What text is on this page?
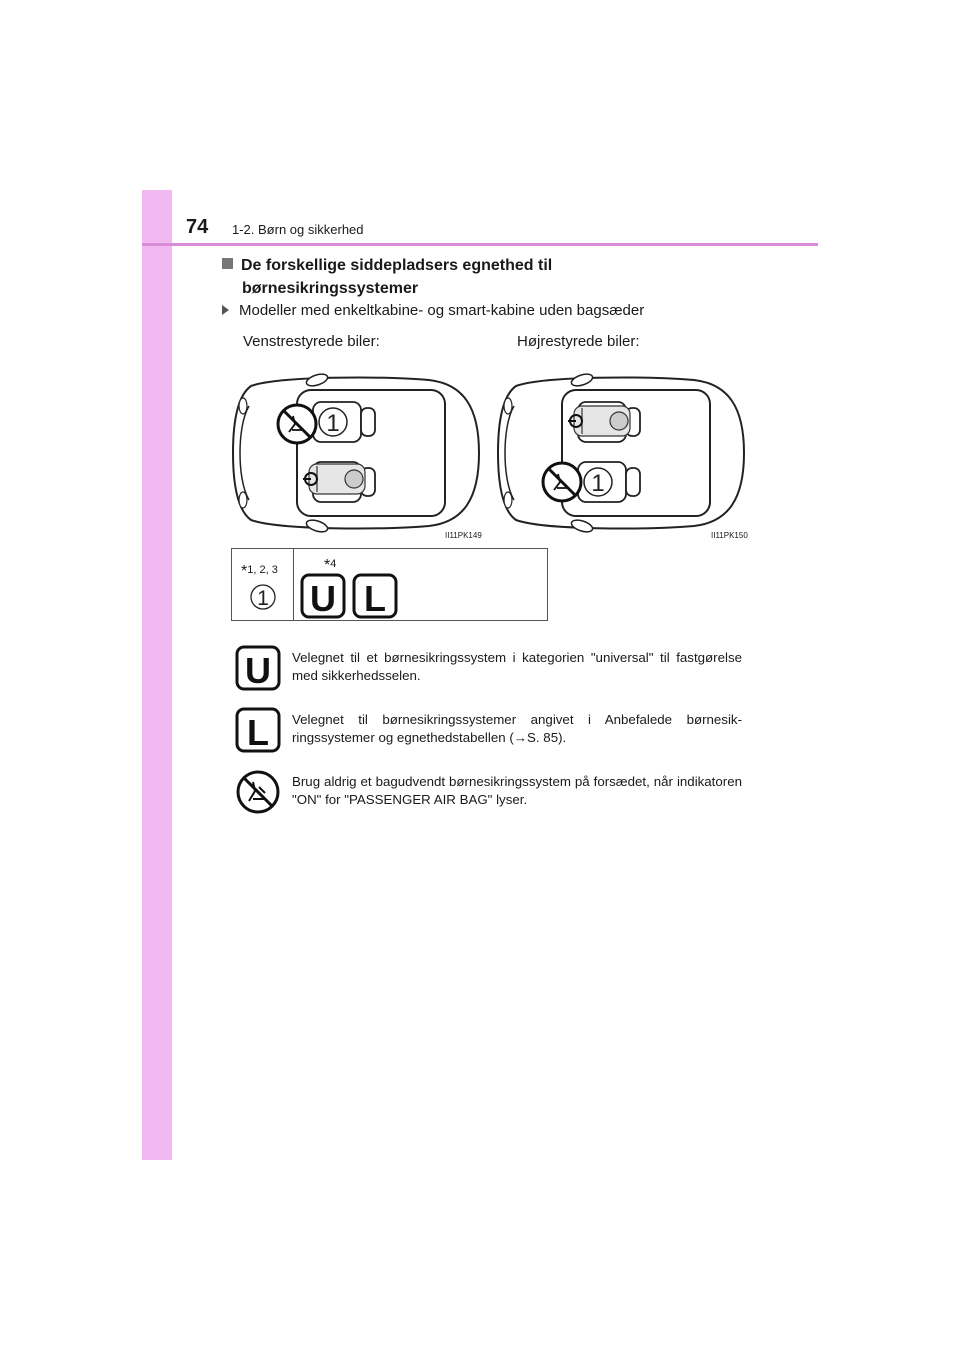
74 1-2. Børn og sikkerhed
De forskellige siddepladsers egnethed til
børnesikringssystemer
Modeller med enkeltkabine- og smart-kabine uden bagsæder
Venstrestyrede biler:	Højrestyrede biler:
1
II11PK149
1
II11PK150
*1, 2, 3
1
*4
U L
U Velegnet til et børnesikringssystem i kategorien "universal" til fastgørelse med sikkerhedsselen.
L Velegnet til børnesikringssystemer angivet i Anbefalede børnesikringssystemer og egnethedstabellen (→S. 85).
Brug aldrig et bagudvendt børnesikringssystem på forsædet, når indikatoren "ON" for "PASSENGER AIR BAG" lyser.
